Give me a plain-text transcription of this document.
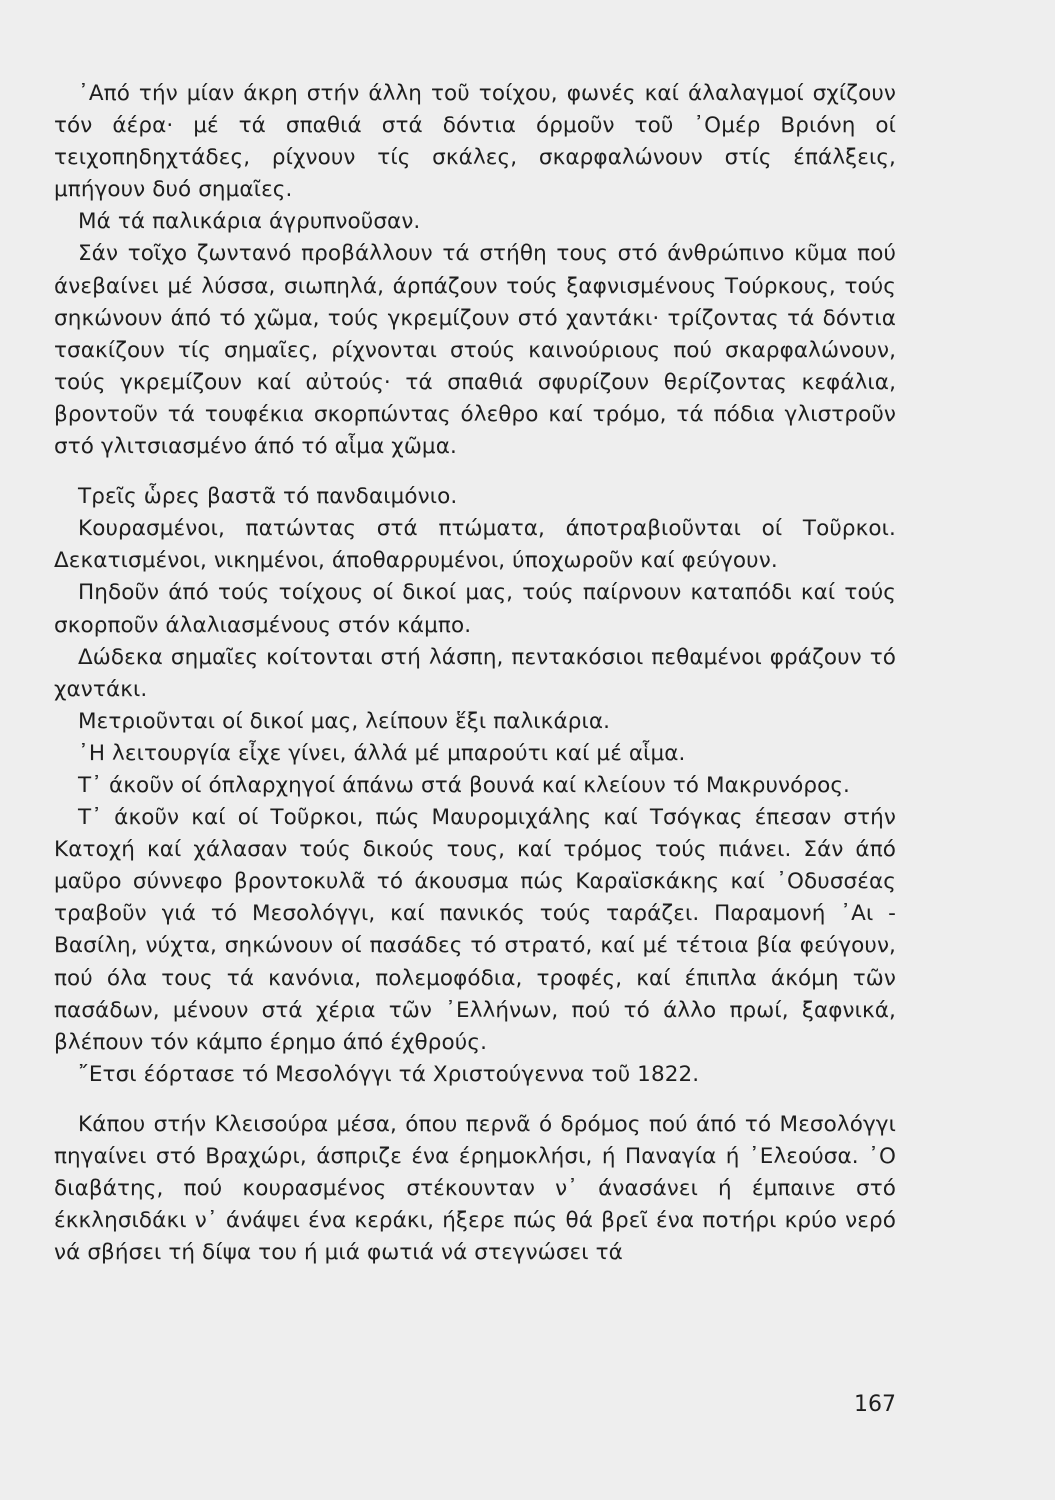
᾽Από τήν μίαν άκρη στήν άλλη τοῦ τοίχου, φωνές καί άλαλαγμοί σχίζουν τόν άέρα· μέ τά σπαθιά στά δόντια όρμοῦν τοῦ ᾽Ομέρ Βριόνη οί τειχοπηδηχτάδες, ρίχνουν τίς σκάλες, σκαρφαλώνουν στίς έπάλξεις, μπήγουν δυό σημαῖες.

Μά τά παλικάρια άγρυπνοῦσαν.

Σάν τοῖχο ζωντανό προβάλλουν τά στήθη τους στό άνθρώπινο κῦμα πού άνεβαίνει μέ λύσσα, σιωπηλά, άρπάζουν τούς ξαφνισμένους Τούρκους, τούς σηκώνουν άπό τό χῶμα, τούς γκρεμίζουν στό χαντάκι· τρίζοντας τά δόντια τσακίζουν τίς σημαῖες, ρίχνονται στούς καινούριους πού σκαρφαλώνουν, τούς γκρεμίζουν καί αὐτούς· τά σπαθιά σφυρίζουν θερίζοντας κεφάλια, βροντοῦν τά τουφέκια σκορπώντας όλεθρο καί τρόμο, τά πόδια γλιστροῦν στό γλιτσιασμένο άπό τό αἷμα χῶμα.

Τρεῖς ὧρες βαστᾶ τό πανδαιμόνιο.

Κουρασμένοι, πατώντας στά πτώματα, άποτραβιοῦνται οί Τοῦρκοι. Δεκατισμένοι, νικημένοι, άποθαρρυμένοι, ύποχωροῦν καί φεύγουν.

Πηδοῦν άπό τούς τοίχους οί δικοί μας, τούς παίρνουν καταπόδι καί τούς σκορποῦν άλαλιασμένους στόν κάμπο.

Δώδεκα σημαῖες κοίτονται στή λάσπη, πεντακόσιοι πεθαμένοι φράζουν τό χαντάκι.

Μετριοῦνται οί δικοί μας, λείπουν ἕξι παλικάρια.

᾽Η λειτουργία εἶχε γίνει, άλλά μέ μπαρούτι καί μέ αἷμα.

Τ᾽ άκοῦν οί όπλαρχηγοί άπάνω στά βουνά καί κλείουν τό Μακρυνόρος.

Τ᾽ άκοῦν καί οί Τοῦρκοι, πώς Μαυρομιχάλης καί Τσόγκας έπεσαν στήν Κατοχή καί χάλασαν τούς δικούς τους, καί τρόμος τούς πιάνει. Σάν άπό μαῦρο σύννεφο βροντοκυλᾶ τό άκουσμα πώς Καραϊσκάκης καί ᾽Οδυσσέας τραβοῦν γιά τό Μεσολόγγι, καί πανικός τούς ταράζει. Παραμονή ᾽Αι - Βασίλη, νύχτα, σηκώνουν οί πασάδες τό στρατό, καί μέ τέτοια βία φεύγουν, πού όλα τους τά κανόνια, πολεμοφόδια, τροφές, καί έπιπλα άκόμη τῶν πασάδων, μένουν στά χέρια τῶν ᾽Ελλήνων, πού τό άλλο πρωί, ξαφνικά, βλέπουν τόν κάμπο έρημο άπό έχθρούς.

῎Ετσι έόρτασε τό Μεσολόγγι τά Χριστούγεννα τοῦ 1822.

Κάπου στήν Κλεισούρα μέσα, όπου περνᾶ ό δρόμος πού άπό τό Μεσολόγγι πηγαίνει στό Βραχώρι, άσπριζε ένα έρημοκλήσι, ή Παναγία ή ᾽Ελεούσα. ᾽Ο διαβάτης, πού κουρασμένος στέκουνταν ν᾽ άνασάνει ή έμπαινε στό έκκλησιδάκι ν᾽ άνάψει ένα κεράκι, ήξερε πώς θά βρεῖ ένα ποτήρι κρύο νερό νά σβήσει τή δίψα του ή μιά φωτιά νά στεγνώσει τά

167
